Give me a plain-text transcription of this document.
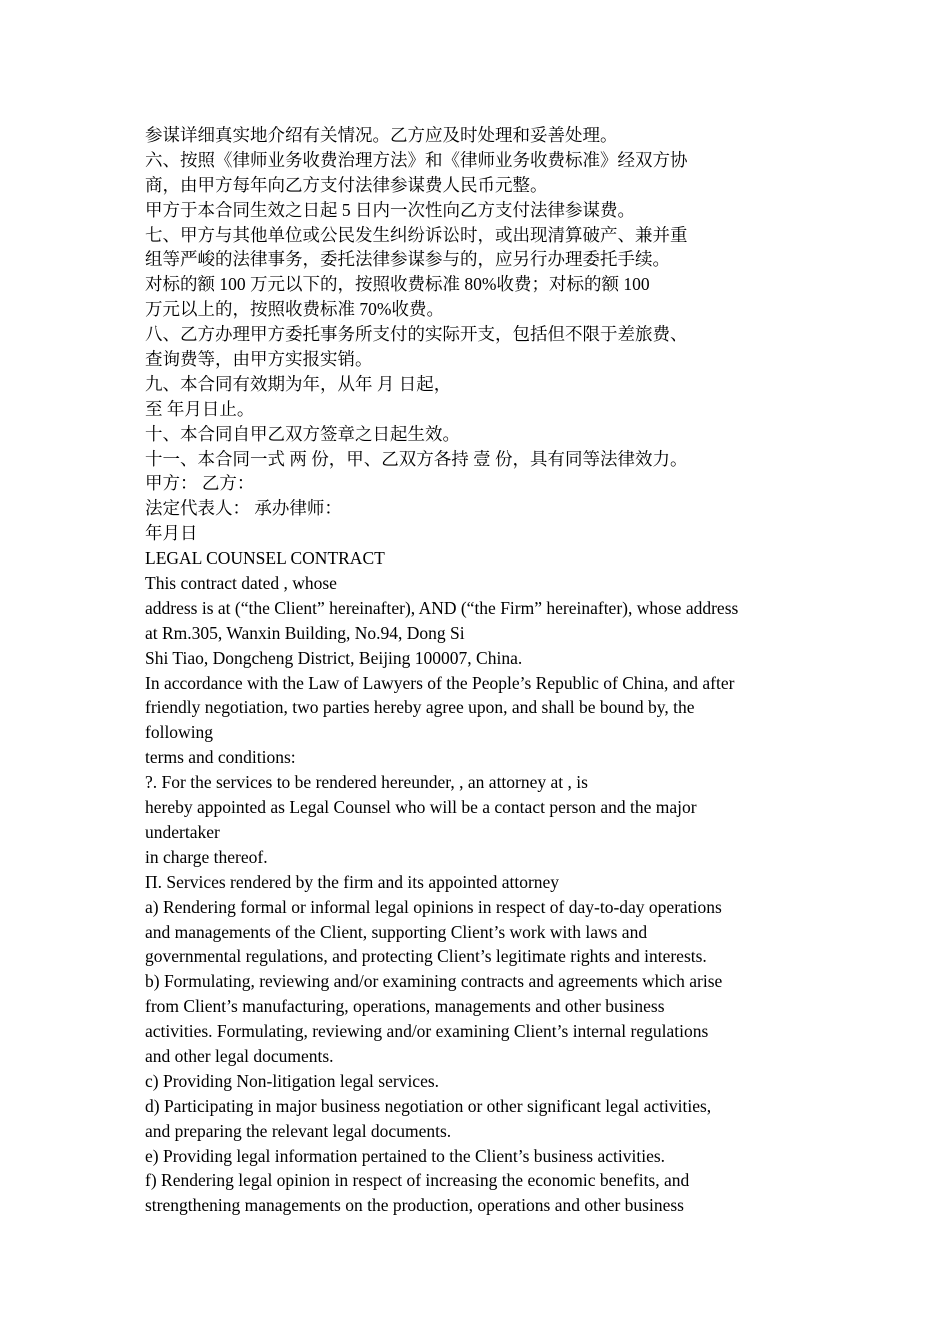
参谋详细真实地介绍有关情况。乙方应及时处理和妥善处理。

六、按照《律师业务收费治理方法》和《律师业务收费标准》经双方协

商，由甲方每年向乙方支付法律参谋费人民币元整。

甲方于本合同生效之日起 5 日内一次性向乙方支付法律参谋费。

七、甲方与其他单位或公民发生纠纷诉讼时，或出现清算破产、兼并重

组等严峻的法律事务，委托法律参谋参与的，应另行办理委托手续。

对标的额 100 万元以下的，按照收费标准 80%收费；对标的额 100

万元以上的，按照收费标准 70%收费。

八、乙方办理甲方委托事务所支付的实际开支，包括但不限于差旅费、

查询费等，由甲方实报实销。

九、本合同有效期为年，从年 月 日起，

至 年月日止。

十、本合同自甲乙双方签章之日起生效。

十一、本合同一式 两 份，甲、乙双方各持 壹 份，具有同等法律效力。

甲方： 乙方：

法定代表人： 承办律师：

年月日

LEGAL COUNSEL CONTRACT

This contract dated , whose

address is at (“the Client” hereinafter), AND (“the Firm” hereinafter), whose address

at Rm.305, Wanxin Building, No.94, Dong Si

Shi Tiao, Dongcheng District, Beijing 100007, China.

In accordance with the Law of Lawyers of the People’s Republic of China, and after

friendly negotiation, two parties hereby agree upon, and shall be bound by, the

following

terms and conditions:

?. For the services to be rendered hereunder, , an attorney at , is

hereby appointed as Legal Counsel who will be a contact person and the major

undertaker

in charge thereof.

Π. Services rendered by the firm and its appointed attorney

a) Rendering formal or informal legal opinions in respect of day-to-day operations

and managements of the Client, supporting Client’s work with laws and

governmental regulations, and protecting Client’s legitimate rights and interests.

b) Formulating, reviewing and/or examining contracts and agreements which arise

from Client’s manufacturing, operations, managements and other business

activities. Formulating, reviewing and/or examining Client’s internal regulations

and other legal documents.

c) Providing Non-litigation legal services.

d) Participating in major business negotiation or other significant legal activities,

and preparing the relevant legal documents.

e) Providing legal information pertained to the Client’s business activities.

f) Rendering legal opinion in respect of increasing the economic benefits, and

strengthening managements on the production, operations and other business
